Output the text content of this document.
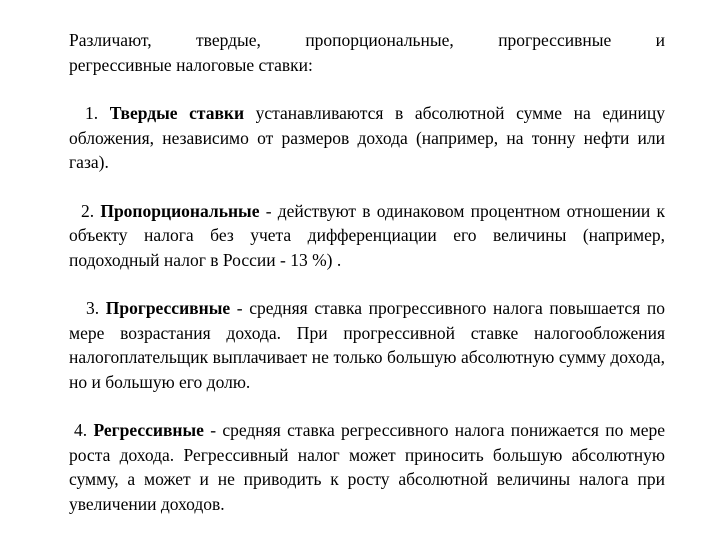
Различают, твердые, пропорциональные, прогрессивные и
регрессивные налоговые ставки:

1. Твердые ставки устанавливаются в абсолютной сумме на единицу обложения, независимо от размеров дохода (например, на тонну нефти или газа).

2. Пропорциональные - действуют в одинаковом процентном отношении к объекту налога без учета дифференциации его величины (например, подоходный налог в России - 13 %) .

3. Прогрессивные - средняя ставка прогрессивного налога повышается по мере возрастания дохода. При прогрессивной ставке налогообложения налогоплательщик выплачивает не только большую абсолютную сумму дохода, но и большую его долю.

4. Регрессивные - средняя ставка регрессивного налога понижается по мере роста дохода. Регрессивный налог может приносить большую абсолютную сумму, а может и не приводить к росту абсолютной величины налога при увеличении доходов.
